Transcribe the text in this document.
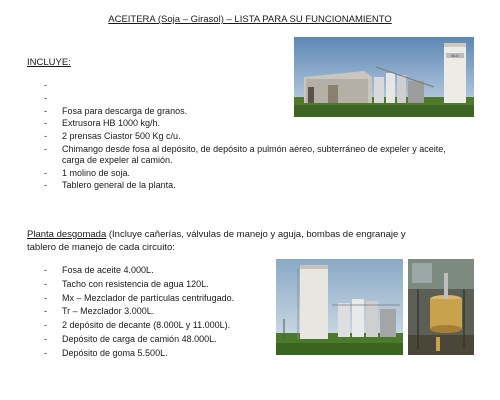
ACEITERA (Soja – Girasol) – LISTA PARA SU FUNCIONAMIENTO
SILO
INCLUYE:
-

-

- Fosa para descarga de granos.
- Extrusora HB 1000 kg/h.
- 2 prensas Ciastor 500 Kg c/u.
- Chimango desde fosa al depósito, de depósito a pulmón aéreo, subterráneo de expeler y aceite, carga de expeler al camión.
- 1 molino de soja.
- Tablero general de la planta.
Planta desgomada (Incluye cañerías, válvulas de manejo y aguja, bombas de engranaje y tablero de manejo de cada circuito:
- Fosa de aceite 4.000L.
- Tacho con resistencia de agua 120L.
- Mx – Mezclador de partículas centrifugado.
- Tr – Mezclador 3.000L.
- 2 depósito de decante (8.000L y 11.000L).
- Depósito de carga de camión 48.000L.
- Depósito de goma 5.500L.
